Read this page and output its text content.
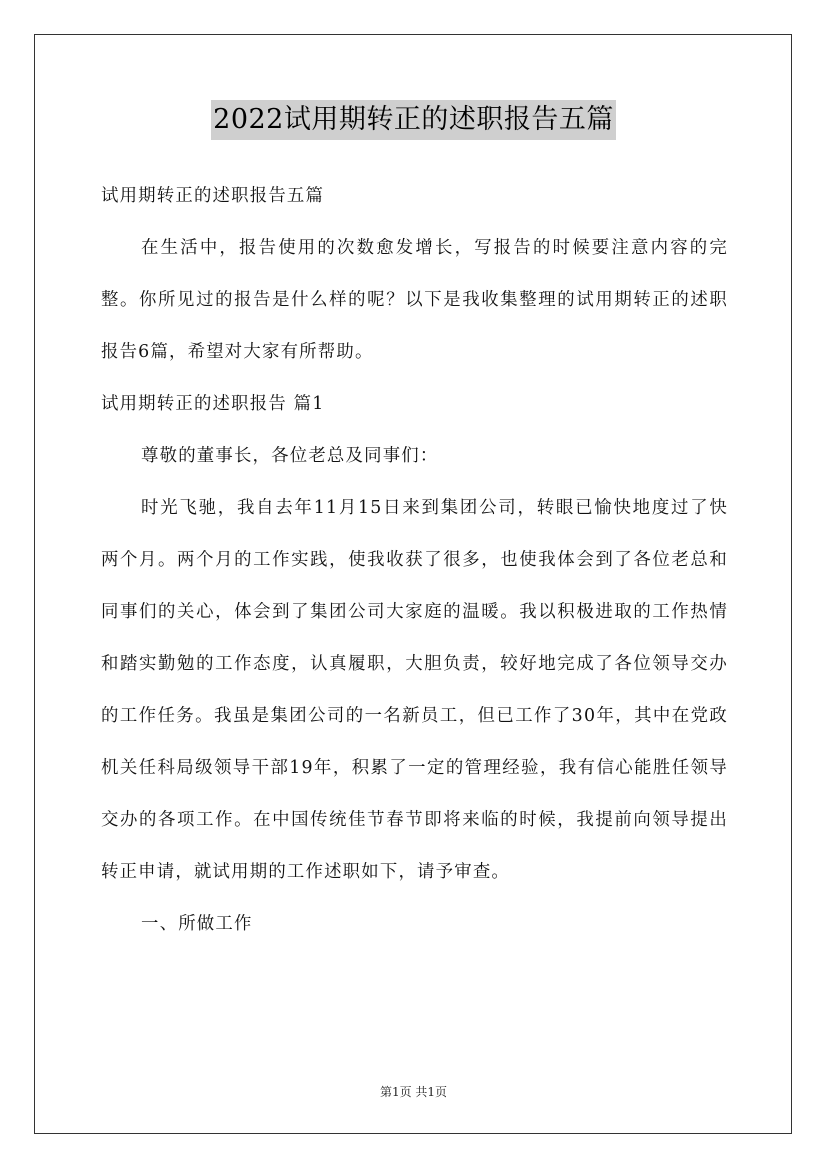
2022试用期转正的述职报告五篇

试用期转正的述职报告五篇

在生活中，报告使用的次数愈发增长，写报告的时候要注意内容的完整。你所见过的报告是什么样的呢？以下是我收集整理的试用期转正的述职报告6篇，希望对大家有所帮助。

试用期转正的述职报告 篇1

尊敬的董事长，各位老总及同事们：

时光飞驰，我自去年11月15日来到集团公司，转眼已愉快地度过了快两个月。两个月的工作实践，使我收获了很多，也使我体会到了各位老总和同事们的关心，体会到了集团公司大家庭的温暖。我以积极进取的工作热情和踏实勤勉的工作态度，认真履职，大胆负责，较好地完成了各位领导交办的工作任务。我虽是集团公司的一名新员工，但已工作了30年，其中在党政机关任科局级领导干部19年，积累了一定的管理经验，我有信心能胜任领导交办的各项工作。在中国传统佳节春节即将来临的时候，我提前向领导提出转正申请，就试用期的工作述职如下，请予审查。

一、所做工作

第1页 共1页
